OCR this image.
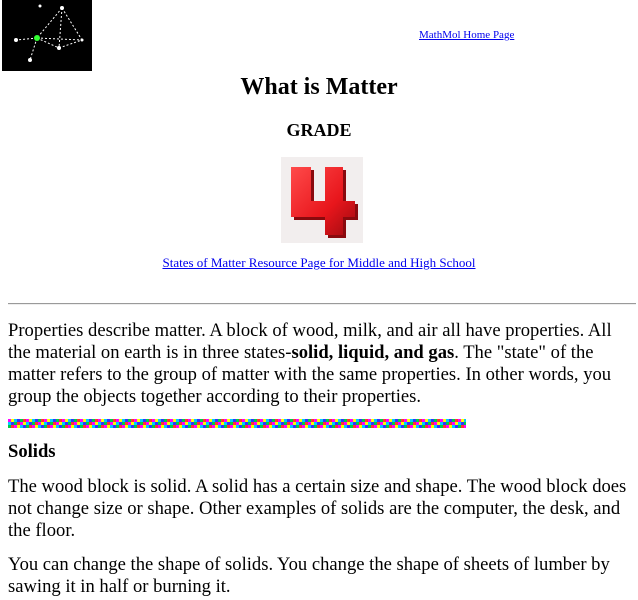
MathMol Home Page
What is Matter
GRADE
States of Matter Resource Page for Middle and High School

Properties describe matter. A block of wood, milk, and air all have properties. All the material on earth is in three states-solid, liquid, and gas. The "state" of the matter refers to the group of matter with the same properties. In other words, you group the objects together according to their properties.

Solids

The wood block is solid. A solid has a certain size and shape. The wood block does not change size or shape. Other examples of solids are the computer, the desk, and the floor.

You can change the shape of solids. You change the shape of sheets of lumber by sawing it in half or burning it.
